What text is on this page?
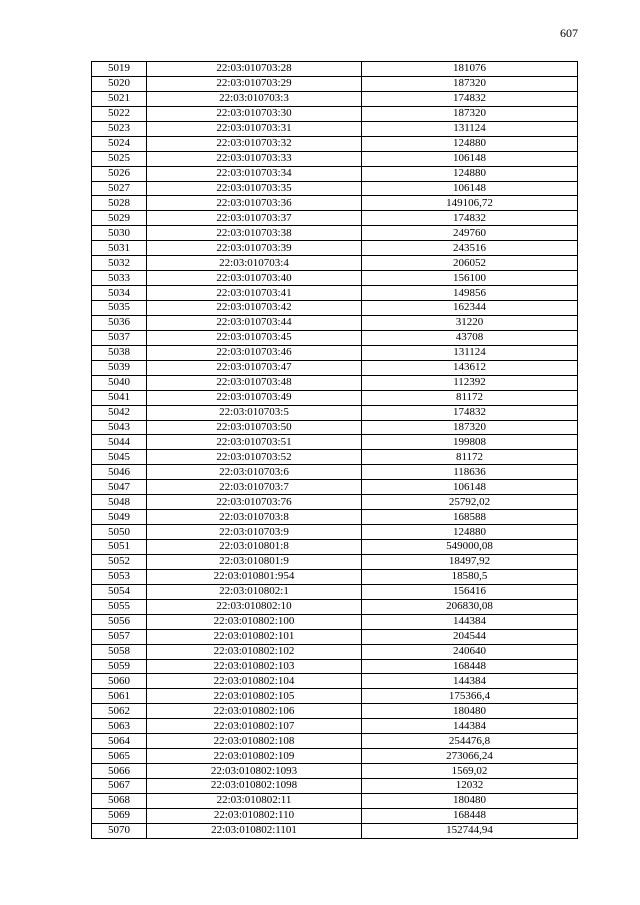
607
5019	22:03:010703:28	181076
5020	22:03:010703:29	187320
5021	22:03:010703:3	174832
5022	22:03:010703:30	187320
5023	22:03:010703:31	131124
5024	22:03:010703:32	124880
5025	22:03:010703:33	106148
5026	22:03:010703:34	124880
5027	22:03:010703:35	106148
5028	22:03:010703:36	149106,72
5029	22:03:010703:37	174832
5030	22:03:010703:38	249760
5031	22:03:010703:39	243516
5032	22:03:010703:4	206052
5033	22:03:010703:40	156100
5034	22:03:010703:41	149856
5035	22:03:010703:42	162344
5036	22:03:010703:44	31220
5037	22:03:010703:45	43708
5038	22:03:010703:46	131124
5039	22:03:010703:47	143612
5040	22:03:010703:48	112392
5041	22:03:010703:49	81172
5042	22:03:010703:5	174832
5043	22:03:010703:50	187320
5044	22:03:010703:51	199808
5045	22:03:010703:52	81172
5046	22:03:010703:6	118636
5047	22:03:010703:7	106148
5048	22:03:010703:76	25792,02
5049	22:03:010703:8	168588
5050	22:03:010703:9	124880
5051	22:03:010801:8	549000,08
5052	22:03:010801:9	18497,92
5053	22:03:010801:954	18580,5
5054	22:03:010802:1	156416
5055	22:03:010802:10	206830,08
5056	22:03:010802:100	144384
5057	22:03:010802:101	204544
5058	22:03:010802:102	240640
5059	22:03:010802:103	168448
5060	22:03:010802:104	144384
5061	22:03:010802:105	175366,4
5062	22:03:010802:106	180480
5063	22:03:010802:107	144384
5064	22:03:010802:108	254476,8
5065	22:03:010802:109	273066,24
5066	22:03:010802:1093	1569,02
5067	22:03:010802:1098	12032
5068	22:03:010802:11	180480
5069	22:03:010802:110	168448
5070	22:03:010802:1101	152744,94
